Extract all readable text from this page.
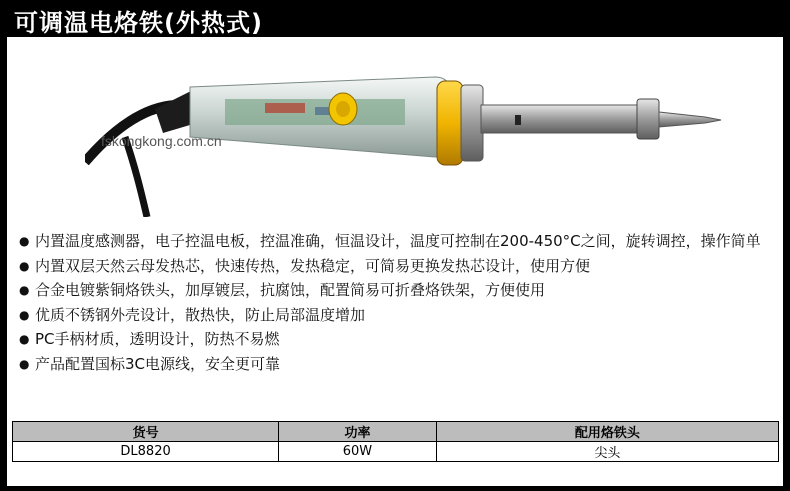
可调温电烙铁(外热式)
fskongkong.com.cn
● 内置温度感测器，电子控温电板，控温准确，恒温设计，温度可控制在200-450°C之间，旋转调控，操作简单
● 内置双层天然云母发热芯，快速传热，发热稳定，可简易更换发热芯设计，使用方便
● 合金电镀紫铜烙铁头，加厚镀层，抗腐蚀，配置简易可折叠烙铁架，方便使用
● 优质不锈钢外壳设计，散热快，防止局部温度增加
● PC手柄材质，透明设计，防热不易燃
● 产品配置国标3C电源线，安全更可靠
货号	功率	配用烙铁头
DL8820	60W	尖头
